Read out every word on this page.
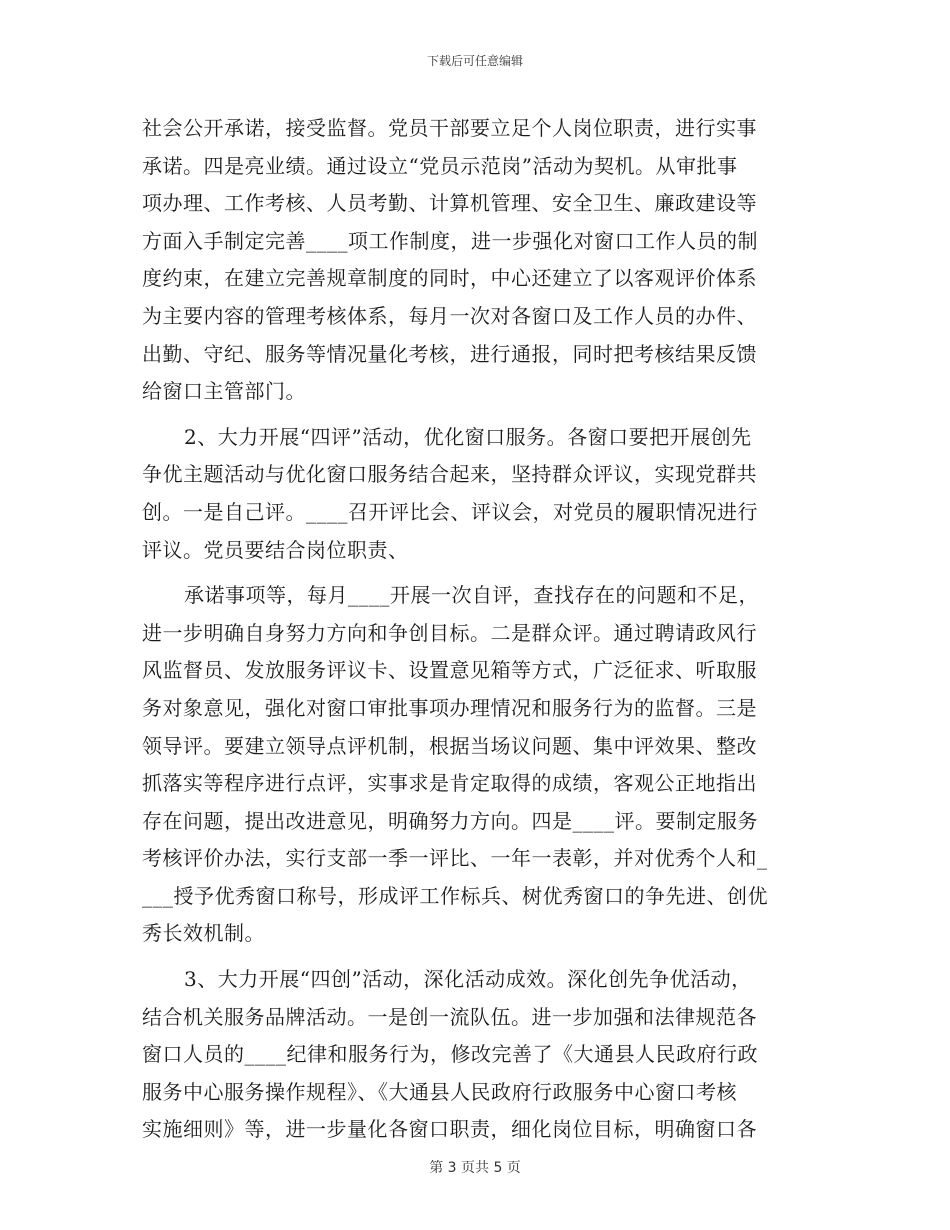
下载后可任意编辑
社会公开承诺，接受监督。党员干部要立足个人岗位职责，进行实事
承诺。四是亮业绩。通过设立“党员示范岗”活动为契机。从审批事
项办理、工作考核、人员考勤、计算机管理、安全卫生、廉政建设等
方面入手制定完善____项工作制度，进一步强化对窗口工作人员的制
度约束，在建立完善规章制度的同时，中心还建立了以客观评价体系
为主要内容的管理考核体系，每月一次对各窗口及工作人员的办件、
出勤、守纪、服务等情况量化考核，进行通报，同时把考核结果反馈
给窗口主管部门。
2、大力开展“四评”活动，优化窗口服务。各窗口要把开展创先
争优主题活动与优化窗口服务结合起来，坚持群众评议，实现党群共
创。一是自己评。____召开评比会、评议会，对党员的履职情况进行
评议。党员要结合岗位职责、
承诺事项等，每月____开展一次自评，查找存在的问题和不足，
进一步明确自身努力方向和争创目标。二是群众评。通过聘请政风行
风监督员、发放服务评议卡、设置意见箱等方式，广泛征求、听取服
务对象意见，强化对窗口审批事项办理情况和服务行为的监督。三是
领导评。要建立领导点评机制，根据当场议问题、集中评效果、整改
抓落实等程序进行点评，实事求是肯定取得的成绩，客观公正地指出
存在问题，提出改进意见，明确努力方向。四是____评。要制定服务
考核评价办法，实行支部一季一评比、一年一表彰，并对优秀个人和_
___授予优秀窗口称号，形成评工作标兵、树优秀窗口的争先进、创优
秀长效机制。
3、大力开展“四创”活动，深化活动成效。深化创先争优活动，
结合机关服务品牌活动。一是创一流队伍。进一步加强和法律规范各
窗口人员的____纪律和服务行为，修改完善了《大通县人民政府行政
服务中心服务操作规程》、《大通县人民政府行政服务中心窗口考核
实施细则》等，进一步量化各窗口职责，细化岗位目标，明确窗口各
第 3 页共 5 页
